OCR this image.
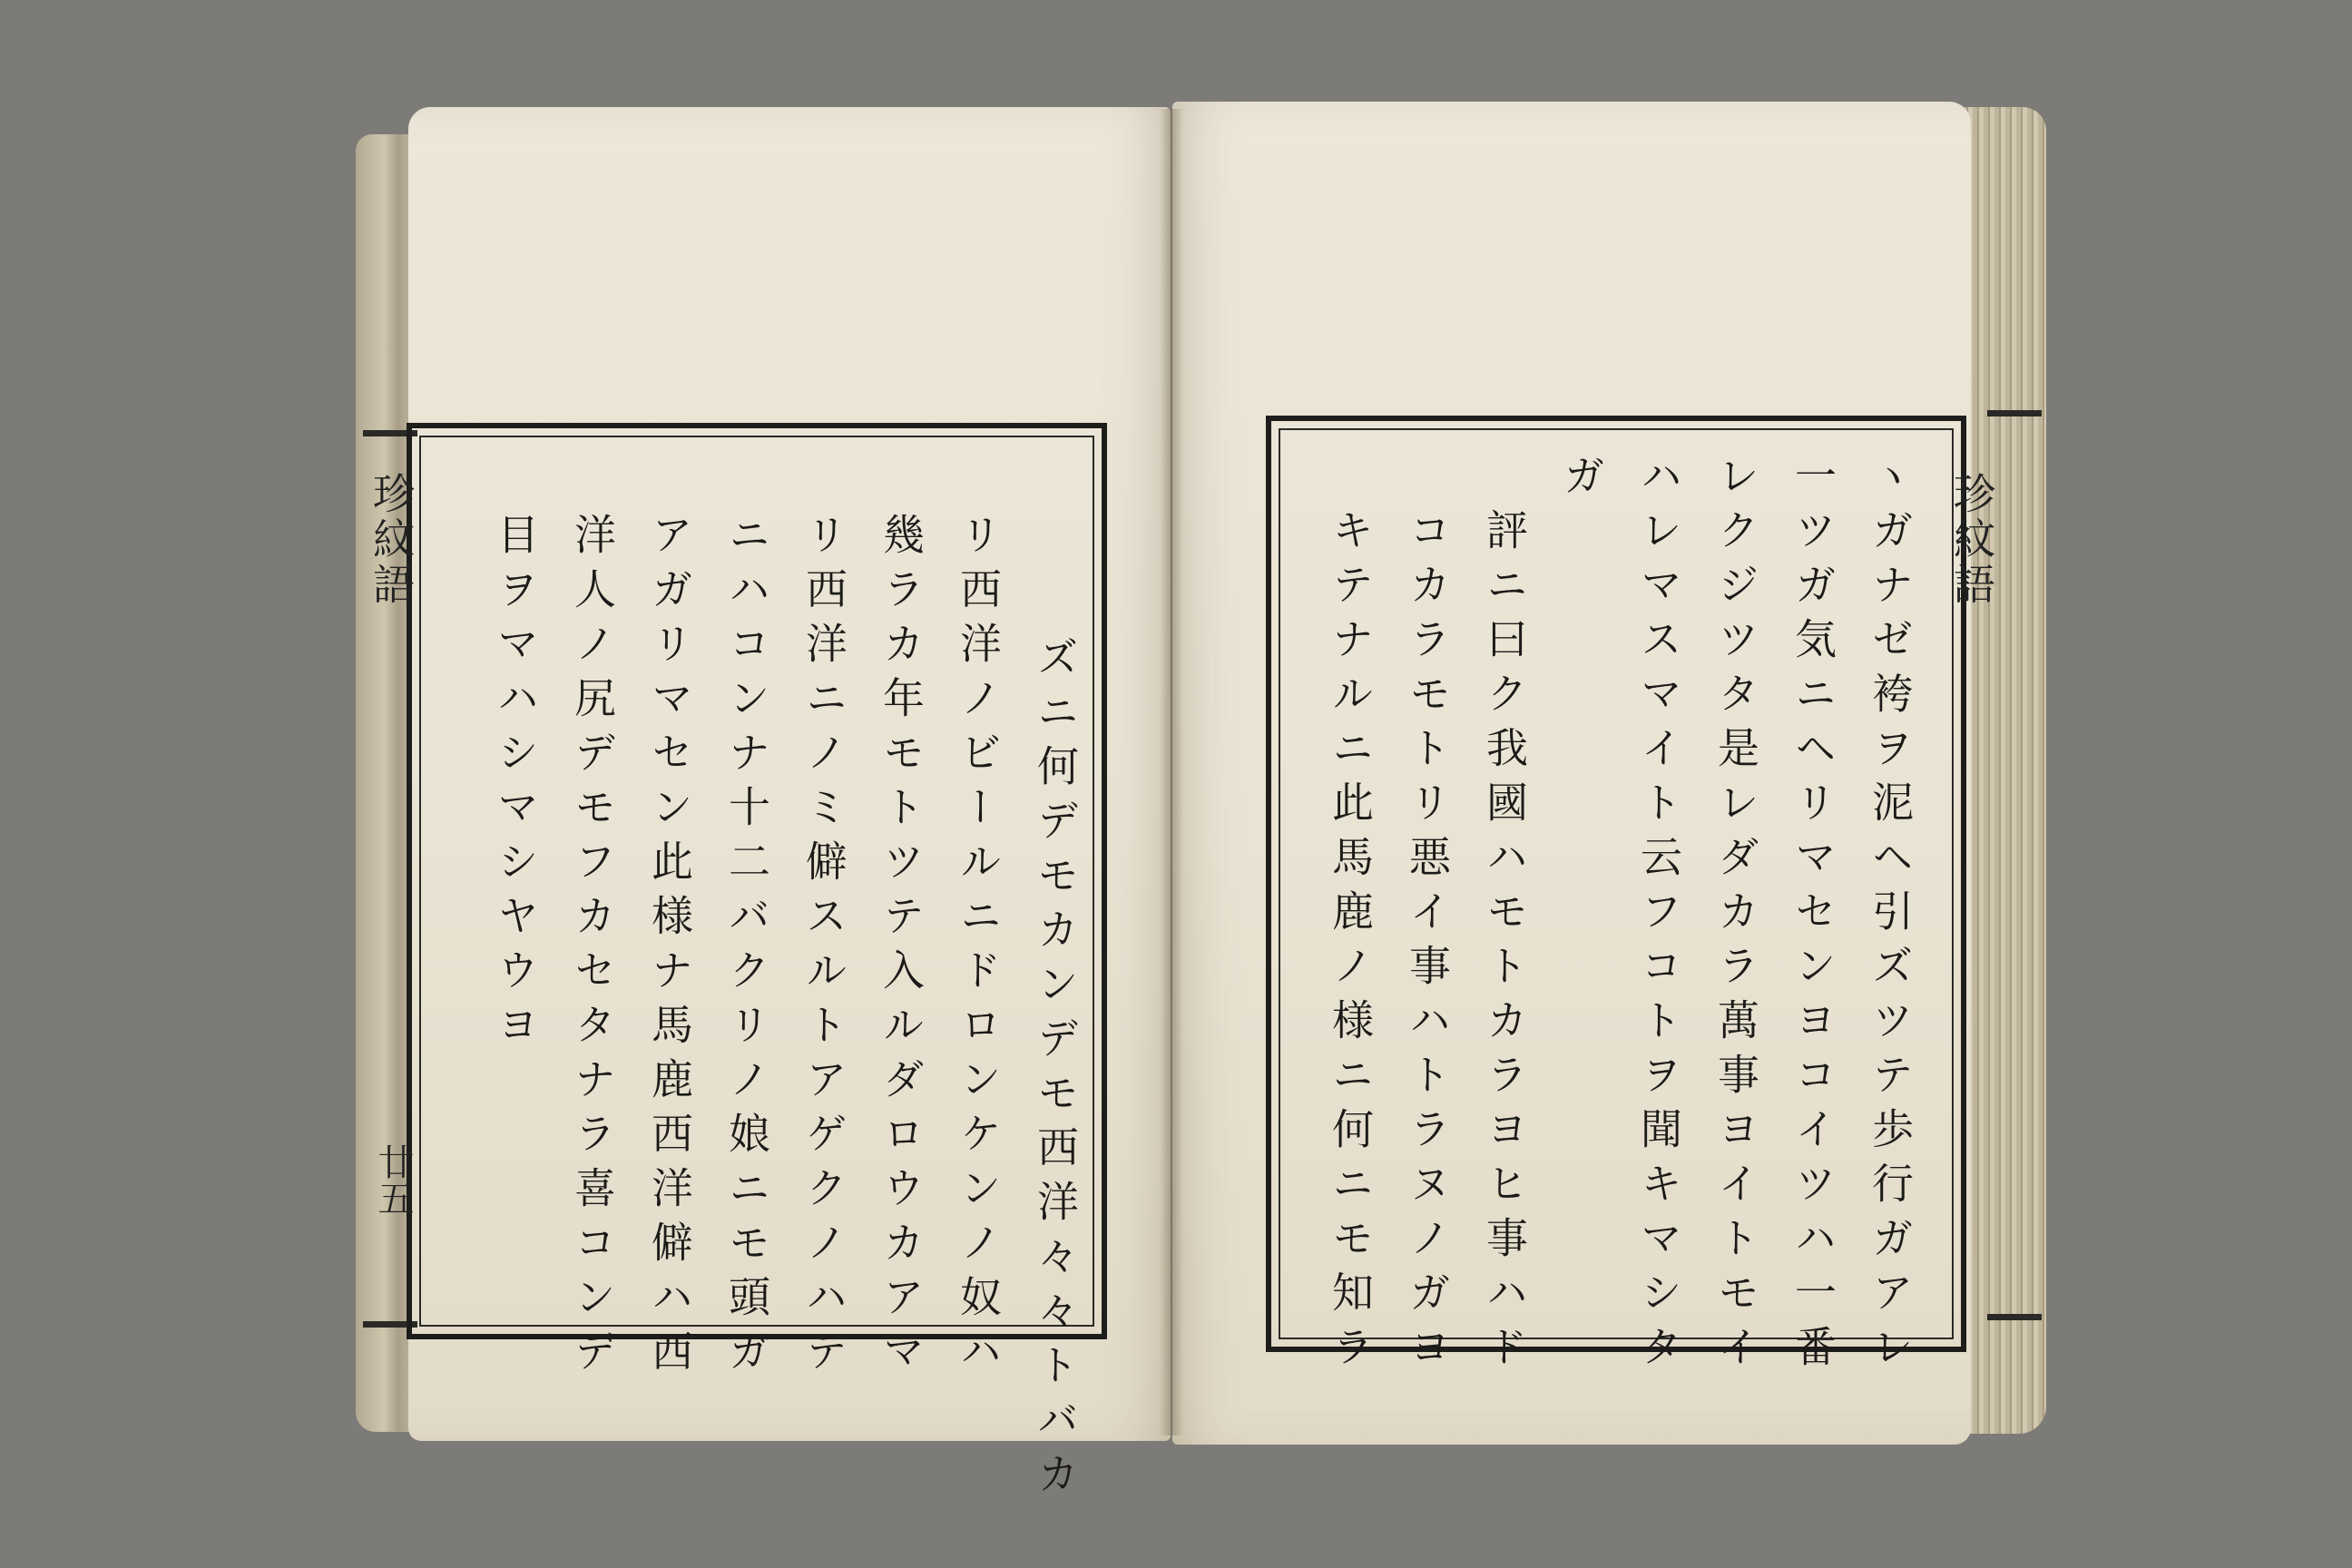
珍紋語
廿五	ズニ何デモカンデモ西洋々々トバカ
リ西洋ノビールニドロンケンノ奴ハ
幾ラカ年モトツテ入ルダロウカアマ
リ西洋ニノミ僻スルトアゲクノハテ
ニハコンナ十二バクリノ娘ニモ頭ガ
アガリマセン此様ナ馬鹿西洋僻ハ西
洋人ノ尻デモフカセタナラ喜コンデ
目ヲマハシマシヤウヨ	珍紋語
ヽガナゼ袴ヲ泥ヘ引ズツテ歩行ガアレ
一ツガ気ニヘリマセンヨコイツハ一番
レクジツタ是レダカラ萬事ヨイトモイ
ハレマスマイト云フコトヲ聞キマシタ
ガ
評ニ曰ク我國ハモトカラヨヒ事ハド
コカラモトリ悪イ事ハトラヌノガヨ
キテナルニ此馬鹿ノ様ニ何ニモ知ラ
